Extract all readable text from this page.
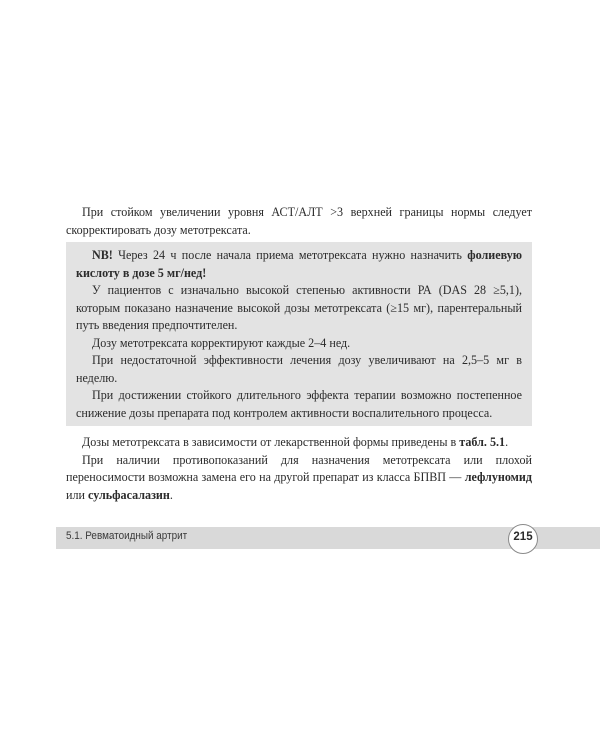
При стойком увеличении уровня АСТ/АЛТ >3 верхней границы нормы следует скорректировать дозу метотрексата.

NB! Через 24 ч после начала приема метотрексата нужно назначить фолиевую кислоту в дозе 5 мг/нед!

У пациентов с изначально высокой степенью активности РА (DAS 28 ≥5,1), которым показано назначение высокой дозы метотрексата (≥15 мг), парентеральный путь введения предпочтителен.

Дозу метотрексата корректируют каждые 2–4 нед.

При недостаточной эффективности лечения дозу увеличивают на 2,5–5 мг в неделю.

При достижении стойкого длительного эффекта терапии возможно постепенное снижение дозы препарата под контролем активности воспалительного процесса.

Дозы метотрексата в зависимости от лекарственной формы приведены в табл. 5.1.

При наличии противопоказаний для назначения метотрексата или плохой переносимости возможна замена его на другой препарат из класса БПВП — лефлуномид или сульфасалазин.

5.1. Ревматоидный артрит	215
